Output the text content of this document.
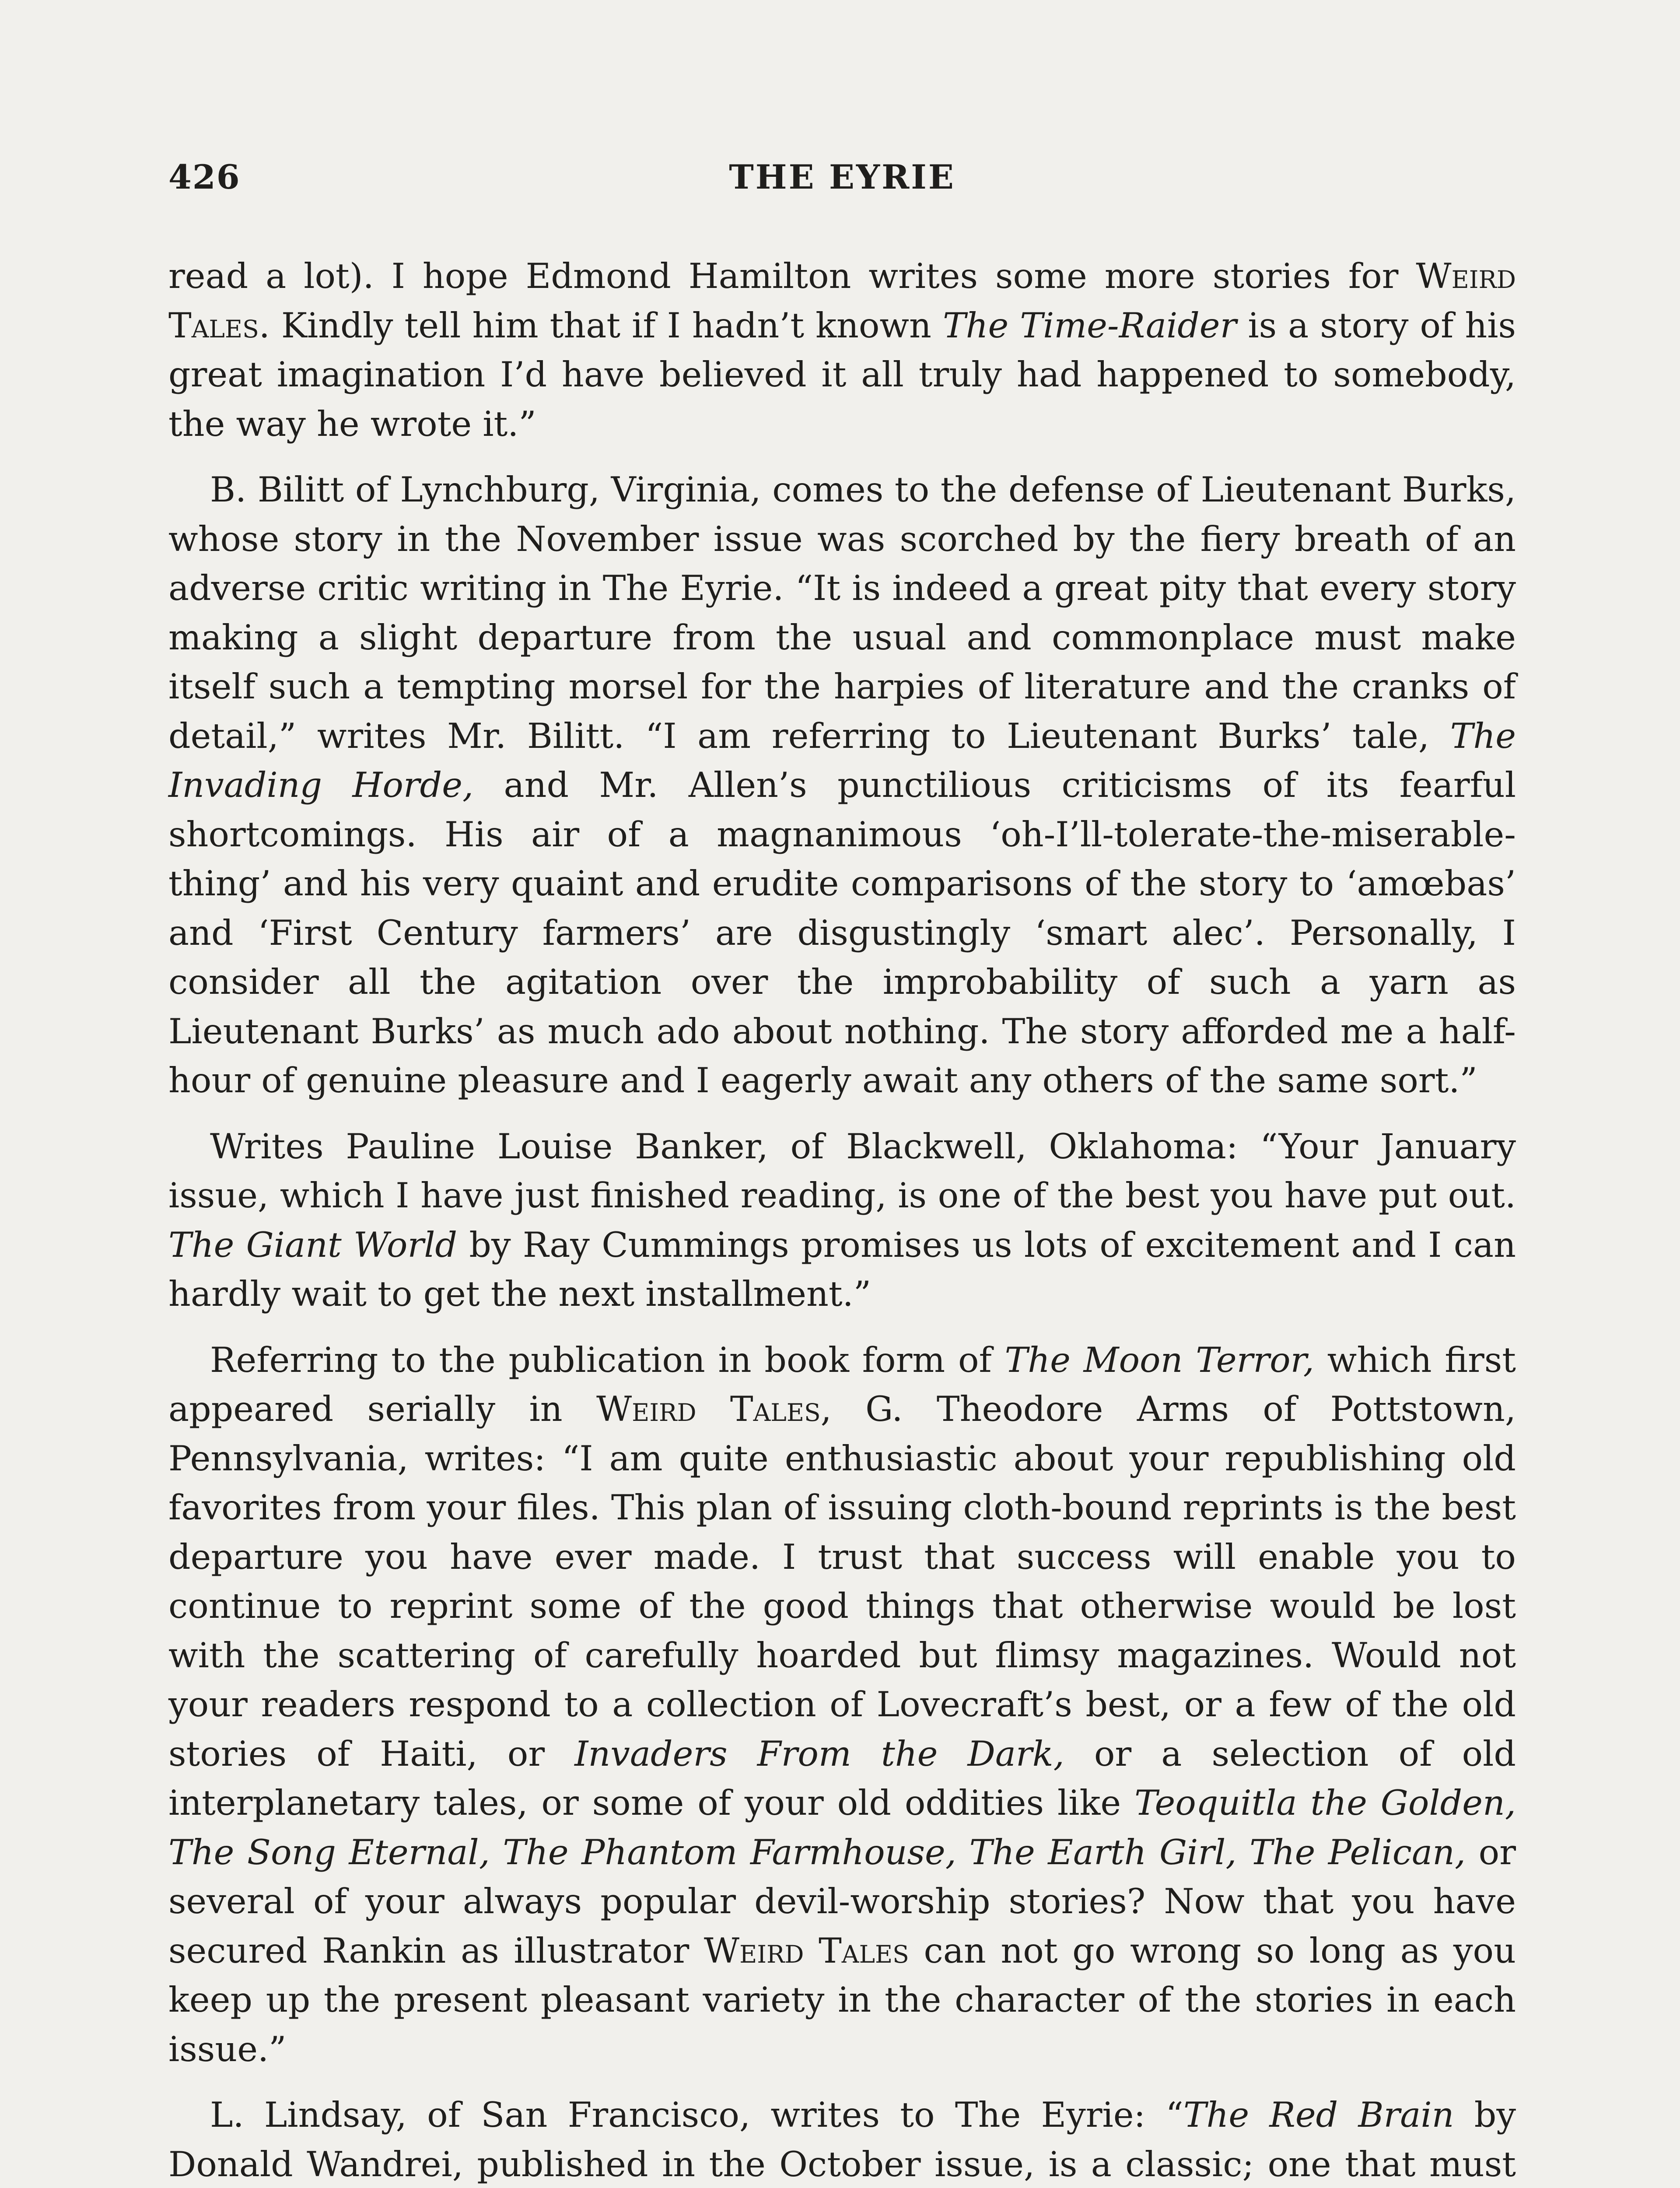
426	THE EYRIE

read a lot). I hope Edmond Hamilton writes some more stories for Weird Tales. Kindly tell him that if I hadn’t known The Time-Raider is a story of his great imagination I’d have believed it all truly had happened to somebody, the way he wrote it.”

B. Bilitt of Lynchburg, Virginia, comes to the defense of Lieutenant Burks, whose story in the November issue was scorched by the fiery breath of an adverse critic writing in The Eyrie. “It is indeed a great pity that every story making a slight departure from the usual and commonplace must make itself such a tempting morsel for the harpies of literature and the cranks of detail,” writes Mr. Bilitt. “I am referring to Lieutenant Burks’ tale, The Invading Horde, and Mr. Allen’s punctilious criticisms of its fearful shortcomings. His air of a magnanimous ‘oh-I’ll-tolerate-the-miserable-thing’ and his very quaint and erudite comparisons of the story to ‘amœbas’ and ‘First Century farmers’ are disgustingly ‘smart alec’. Personally, I consider all the agitation over the improbability of such a yarn as Lieutenant Burks’ as much ado about nothing. The story afforded me a half-hour of genuine pleasure and I eagerly await any others of the same sort.”

Writes Pauline Louise Banker, of Blackwell, Oklahoma: “Your January issue, which I have just finished reading, is one of the best you have put out. The Giant World by Ray Cummings promises us lots of excitement and I can hardly wait to get the next installment.”

Referring to the publication in book form of The Moon Terror, which first appeared serially in Weird Tales, G. Theodore Arms of Pottstown, Pennsylvania, writes: “I am quite enthusiastic about your republishing old favorites from your files. This plan of issuing cloth-bound reprints is the best departure you have ever made. I trust that success will enable you to continue to reprint some of the good things that otherwise would be lost with the scattering of carefully hoarded but flimsy magazines. Would not your readers respond to a collection of Lovecraft’s best, or a few of the old stories of Haiti, or Invaders From the Dark, or a selection of old interplanetary tales, or some of your old oddities like Teoquitla the Golden, The Song Eternal, The Phantom Farmhouse, The Earth Girl, The Pelican, or several of your always popular devil-worship stories? Now that you have secured Rankin as illustrator Weird Tales can not go wrong so long as you keep up the present pleasant variety in the character of the stories in each issue.”

L. Lindsay, of San Francisco, writes to The Eyrie: “The Red Brain by Donald Wandrei, published in the October issue, is a classic; one that must
